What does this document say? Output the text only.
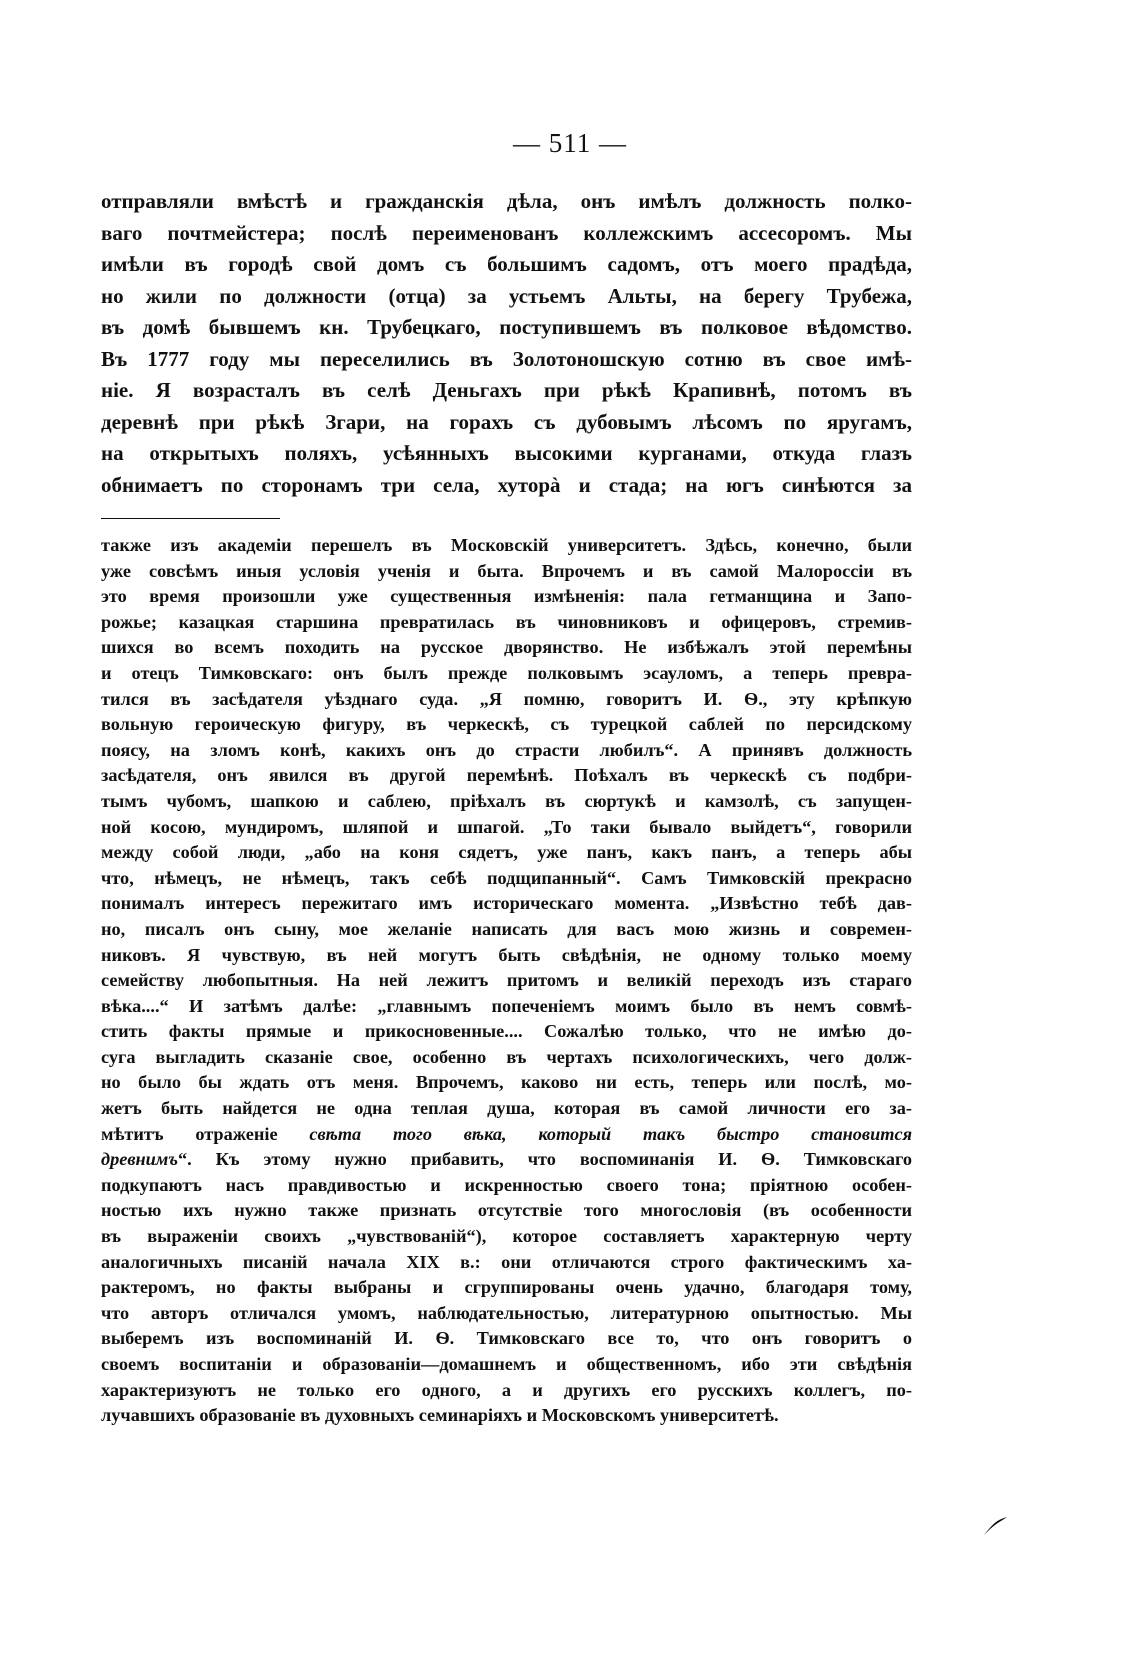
— 511 —
отправляли вмѣстѣ и гражданскія дѣла, онъ имѣлъ должность полко-
ваго почтмейстера; послѣ переименованъ коллежскимъ ассесоромъ. Мы
имѣли въ городѣ свой домъ съ большимъ садомъ, отъ моего прадѣда,
но жили по должности (отца) за устьемъ Альты, на берегу Трубежа,
въ домѣ бывшемъ кн. Трубецкаго, поступившемъ въ полковое вѣдомство.
Въ 1777 году мы переселились въ Золотоношскую сотню въ свое имѣ-
ніе. Я возрасталъ въ селѣ Деньгахъ при рѣкѣ Крапивнѣ, потомъ въ
деревнѣ при рѣкѣ Згари, на горахъ съ дубовымъ лѣсомъ по яругамъ,
на открытыхъ поляхъ, усѣянныхъ высокими курганами, откуда глазъ
обнимаетъ по сторонамъ три села, хуторà и стада; на югъ синѣются за
также изъ академіи перешелъ въ Московскій университетъ. Здѣсь, конечно, были
уже совсѣмъ иныя условія ученія и быта. Впрочемъ и въ самой Малороссіи въ
это время произошли уже существенныя измѣненія: пала гетманщина и Запо-
рожье; казацкая старшина превратилась въ чиновниковъ и офицеровъ, стремив-
шихся во всемъ походить на русское дворянство. Не избѣжалъ этой перемѣны
и отецъ Тимковскаго: онъ былъ прежде полковымъ эсауломъ, а теперь превра-
тился въ засѣдателя уѣзднаго суда. „Я помню, говоритъ И. Ѳ., эту крѣпкую
вольную героическую фигуру, въ черкескѣ, съ турецкой саблей по персидскому
поясу, на зломъ конѣ, какихъ онъ до страсти любилъ“. А принявъ должность
засѣдателя, онъ явился въ другой перемѣнѣ. Поѣхалъ въ черкескѣ съ подбри-
тымъ чубомъ, шапкою и саблею, пріѣхалъ въ сюртукѣ и камзолѣ, съ запущен-
ной косою, мундиромъ, шляпой и шпагой. „То таки бывало выйдетъ“, говорили
между собой люди, „або на коня сядетъ, уже панъ, какъ панъ, а теперь абы
что, нѣмецъ, не нѣмецъ, такъ себѣ подщипанный“. Самъ Тимковскій прекрасно
понималъ интересъ пережитаго имъ историческаго момента. „Извѣстно тебѣ дав-
но, писалъ онъ сыну, мое желаніе написать для васъ мою жизнь и современ-
никовъ. Я чувствую, въ ней могутъ быть свѣдѣнія, не одному только моему
семейству любопытныя. На ней лежитъ притомъ и великій переходъ изъ стараго
вѣка....“ И затѣмъ далѣе: „главнымъ попеченіемъ моимъ было въ немъ совмѣ-
стить факты прямые и прикосновенные.... Сожалѣю только, что не имѣю до-
суга выгладить сказаніе свое, особенно въ чертахъ психологическихъ, чего долж-
но было бы ждать отъ меня. Впрочемъ, каково ни есть, теперь или послѣ, мо-
жетъ быть найдется не одна теплая душа, которая въ самой личности его за-
мѣтитъ отраженіе свѣта того вѣка, который такъ быстро становится
древнимъ“. Къ этому нужно прибавить, что воспоминанія И. Ѳ. Тимковскаго
подкупаютъ насъ правдивостью и искренностью своего тона; пріятною особен-
ностью ихъ нужно также признать отсутствіе того многословія (въ особенности
въ выраженіи своихъ „чувствованій“), которое составляетъ характерную черту
аналогичныхъ писаній начала XIX в.: они отличаются строго фактическимъ ха-
рактеромъ, но факты выбраны и сгруппированы очень удачно, благодаря тому,
что авторъ отличался умомъ, наблюдательностью, литературною опытностью. Мы
выберемъ изъ воспоминаній И. Ѳ. Тимковскаго все то, что онъ говоритъ о
своемъ воспитаніи и образованіи—домашнемъ и общественномъ, ибо эти свѣдѣнія
характеризуютъ не только его одного, а и другихъ его русскихъ коллегъ, по-
лучавшихъ образованіе въ духовныхъ семинаріяхъ и Московскомъ университетѣ.
